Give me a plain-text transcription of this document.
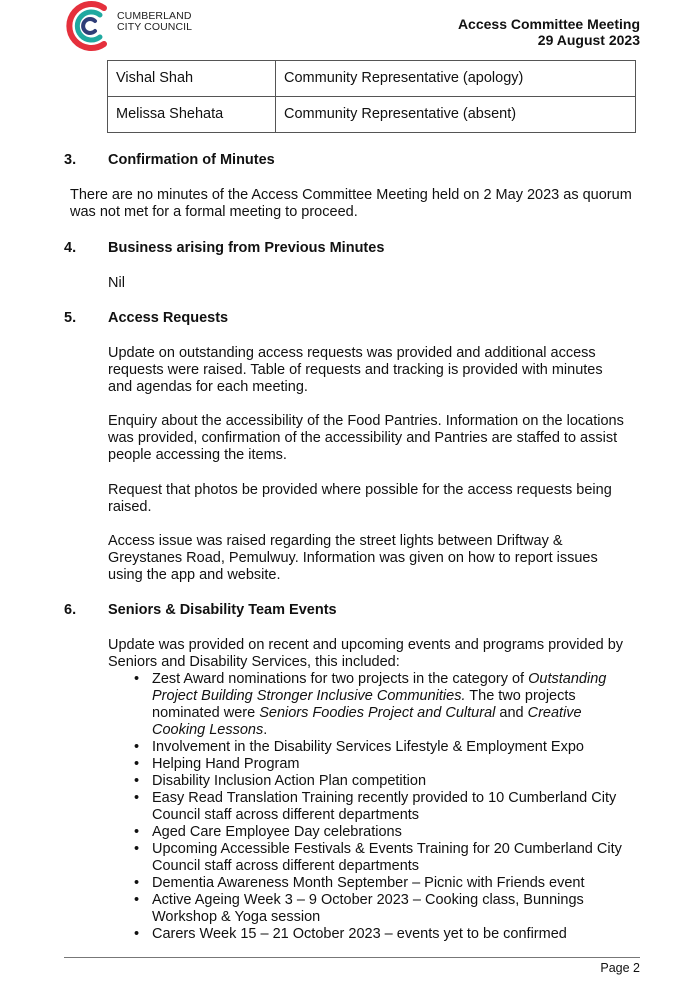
CUMBERLAND
CITY COUNCIL	Access Committee Meeting
29 August 2023
Vishal Shah	Community Representative (apology)
Melissa Shehata	Community Representative (absent)
3. Confirmation of Minutes

There are no minutes of the Access Committee Meeting held on 2 May 2023 as quorum was not met for a formal meeting to proceed.

4. Business arising from Previous Minutes

Nil

5. Access Requests

Update on outstanding access requests was provided and additional access requests were raised. Table of requests and tracking is provided with minutes and agendas for each meeting.

Enquiry about the accessibility of the Food Pantries. Information on the locations was provided, confirmation of the accessibility and Pantries are staffed to assist people accessing the items.

Request that photos be provided where possible for the access requests being raised.

Access issue was raised regarding the street lights between Driftway & Greystanes Road, Pemulwuy. Information was given on how to report issues using the app and website.

6. Seniors & Disability Team Events

Update was provided on recent and upcoming events and programs provided by Seniors and Disability Services, this included:

• Zest Award nominations for two projects in the category of Outstanding Project Building Stronger Inclusive Communities. The two projects nominated were Seniors Foodies Project and Cultural and Creative Cooking Lessons.
• Involvement in the Disability Services Lifestyle & Employment Expo
• Helping Hand Program
• Disability Inclusion Action Plan competition
• Easy Read Translation Training recently provided to 10 Cumberland City Council staff across different departments
• Aged Care Employee Day celebrations
• Upcoming Accessible Festivals & Events Training for 20 Cumberland City Council staff across different departments
• Dementia Awareness Month September – Picnic with Friends event
• Active Ageing Week 3 – 9 October 2023 – Cooking class, Bunnings Workshop & Yoga session
• Carers Week 15 – 21 October 2023 – events yet to be confirmed
Page 2
